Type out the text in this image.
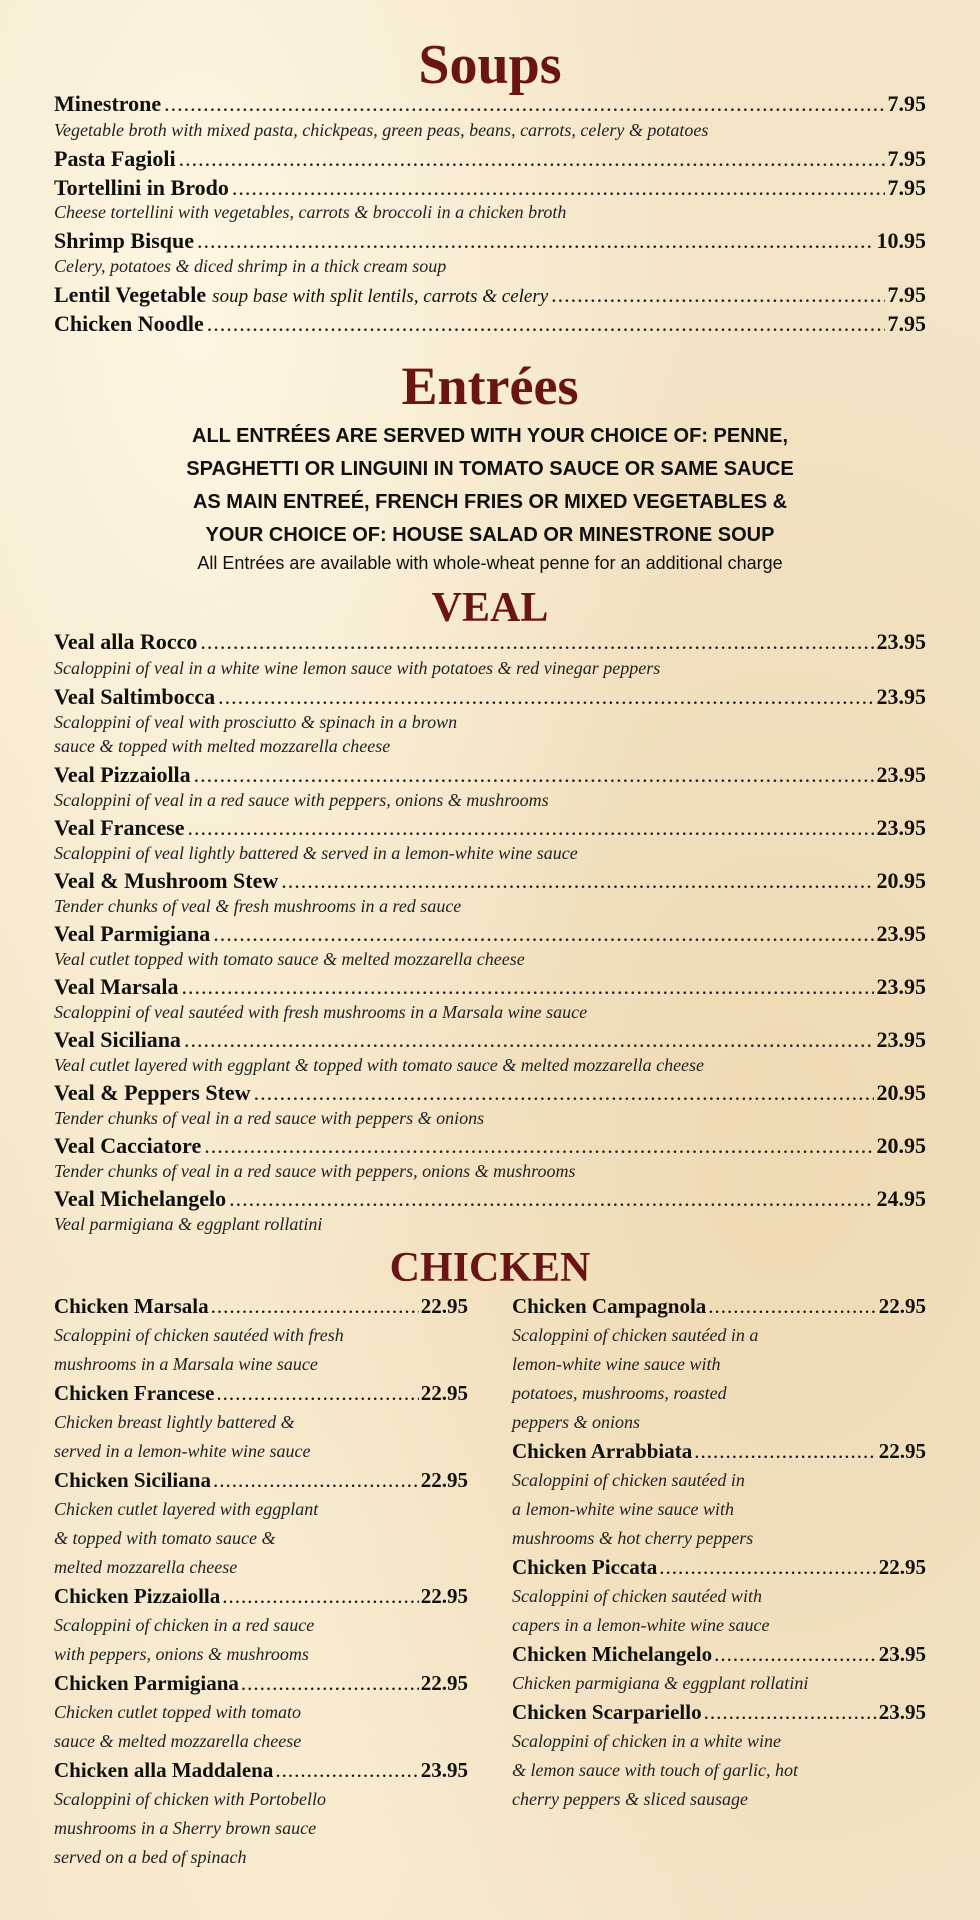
Soups
Minestrone .....	7.95
Vegetable broth with mixed pasta, chickpeas, green peas, beans, carrots, celery & potatoes
Pasta Fagioli .....	7.95
Tortellini in Brodo .....	7.95
Cheese tortellini with vegetables, carrots & broccoli in a chicken broth
Shrimp Bisque .....	10.95
Celery, potatoes & diced shrimp in a thick cream soup
Lentil Vegetable soup base with split lentils, carrots & celery .....	7.95
Chicken Noodle .....	7.95
Entrées
ALL ENTRÉES ARE SERVED WITH YOUR CHOICE OF: PENNE,
SPAGHETTI OR LINGUINI IN TOMATO SAUCE OR SAME SAUCE
AS MAIN ENTREÉ, FRENCH FRIES OR MIXED VEGETABLES &
YOUR CHOICE OF: HOUSE SALAD OR MINESTRONE SOUP
All Entrées are available with whole-wheat penne for an additional charge
VEAL
Veal alla Rocco .....	23.95
Scaloppini of veal in a white wine lemon sauce with potatoes & red vinegar peppers
Veal Saltimbocca .....	23.95
Scaloppini of veal with prosciutto & spinach in a brown
sauce & topped with melted mozzarella cheese
Veal Pizzaiolla .....	23.95
Scaloppini of veal in a red sauce with peppers, onions & mushrooms
Veal Francese .....	23.95
Scaloppini of veal lightly battered & served in a lemon-white wine sauce
Veal & Mushroom Stew .....	20.95
Tender chunks of veal & fresh mushrooms in a red sauce
Veal Parmigiana .....	23.95
Veal cutlet topped with tomato sauce & melted mozzarella cheese
Veal Marsala .....	23.95
Scaloppini of veal sautéed with fresh mushrooms in a Marsala wine sauce
Veal Siciliana .....	23.95
Veal cutlet layered with eggplant & topped with tomato sauce & melted mozzarella cheese
Veal & Peppers Stew .....	20.95
Tender chunks of veal in a red sauce with peppers & onions
Veal Cacciatore .....	20.95
Tender chunks of veal in a red sauce with peppers, onions & mushrooms
Veal Michelangelo .....	24.95
Veal parmigiana & eggplant rollatini
CHICKEN
Chicken Marsala .....	22.95
Scaloppini of chicken sautéed with fresh
mushrooms in a Marsala wine sauce
Chicken Francese .....	22.95
Chicken breast lightly battered &
served in a lemon-white wine sauce
Chicken Siciliana .....	22.95
Chicken cutlet layered with eggplant
& topped with tomato sauce &
melted mozzarella cheese
Chicken Pizzaiolla .....	22.95
Scaloppini of chicken in a red sauce
with peppers, onions & mushrooms
Chicken Parmigiana .....	22.95
Chicken cutlet topped with tomato
sauce & melted mozzarella cheese
Chicken alla Maddalena .....	23.95
Scaloppini of chicken with Portobello
mushrooms in a Sherry brown sauce
served on a bed of spinach
Chicken Campagnola .....	22.95
Scaloppini of chicken sautéed in a
lemon-white wine sauce with
potatoes, mushrooms, roasted
peppers & onions
Chicken Arrabbiata .....	22.95
Scaloppini of chicken sautéed in
a lemon-white wine sauce with
mushrooms & hot cherry peppers
Chicken Piccata .....	22.95
Scaloppini of chicken sautéed with
capers in a lemon-white wine sauce
Chicken Michelangelo .....	23.95
Chicken parmigiana & eggplant rollatini
Chicken Scarpariello .....	23.95
Scaloppini of chicken in a white wine
& lemon sauce with touch of garlic, hot
cherry peppers & sliced sausage
